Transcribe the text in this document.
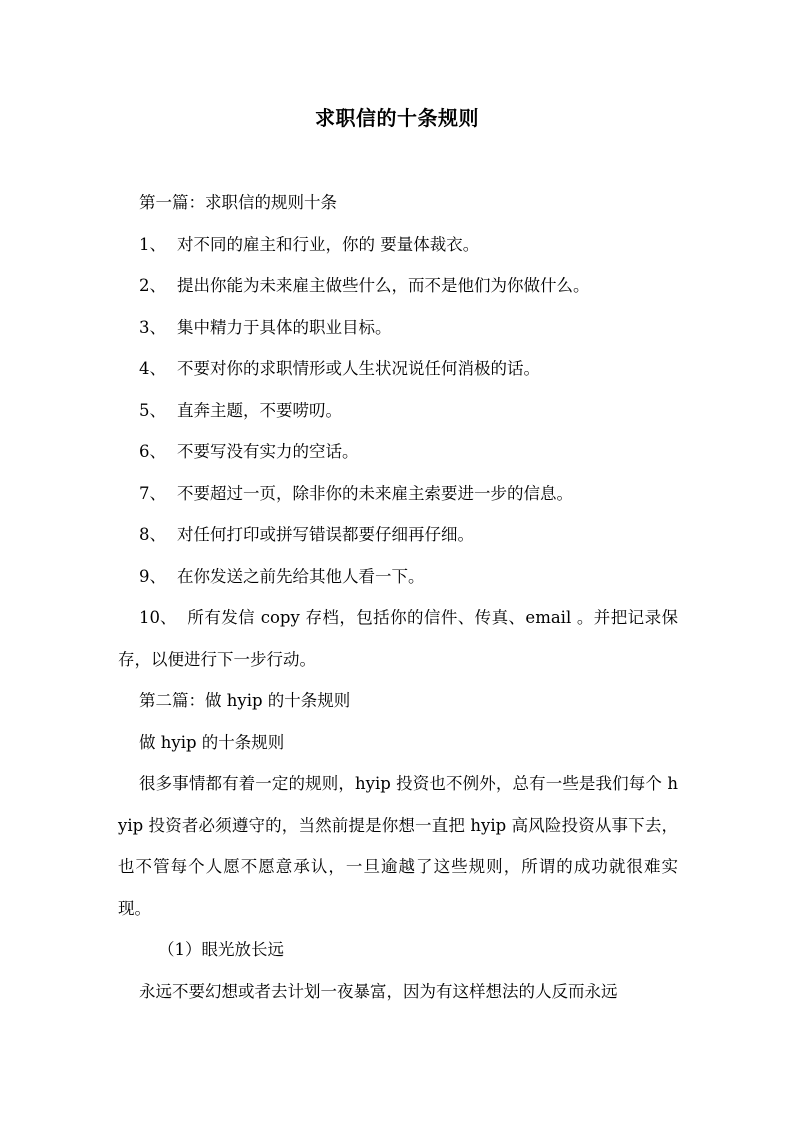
求职信的十条规则

第一篇：求职信的规则十条

1、 对不同的雇主和行业，你的 要量体裁衣。

2、 提出你能为未来雇主做些什么，而不是他们为你做什么。

3、 集中精力于具体的职业目标。

4、 不要对你的求职情形或人生状况说任何消极的话。

5、 直奔主题，不要唠叨。

6、 不要写没有实力的空话。

7、 不要超过一页，除非你的未来雇主索要进一步的信息。

8、 对任何打印或拼写错误都要仔细再仔细。

9、 在你发送之前先给其他人看一下。

10、 所有发信 copy 存档，包括你的信件、传真、email 。并把记录保存，以便进行下一步行动。

第二篇：做 hyip 的十条规则

做 hyip 的十条规则

很多事情都有着一定的规则，hyip 投资也不例外，总有一些是我们每个 hyip 投资者必须遵守的，当然前提是你想一直把 hyip 高风险投资从事下去，也不管每个人愿不愿意承认，一旦逾越了这些规则，所谓的成功就很难实现。

（1）眼光放长远

永远不要幻想或者去计划一夜暴富，因为有这样想法的人反而永远
